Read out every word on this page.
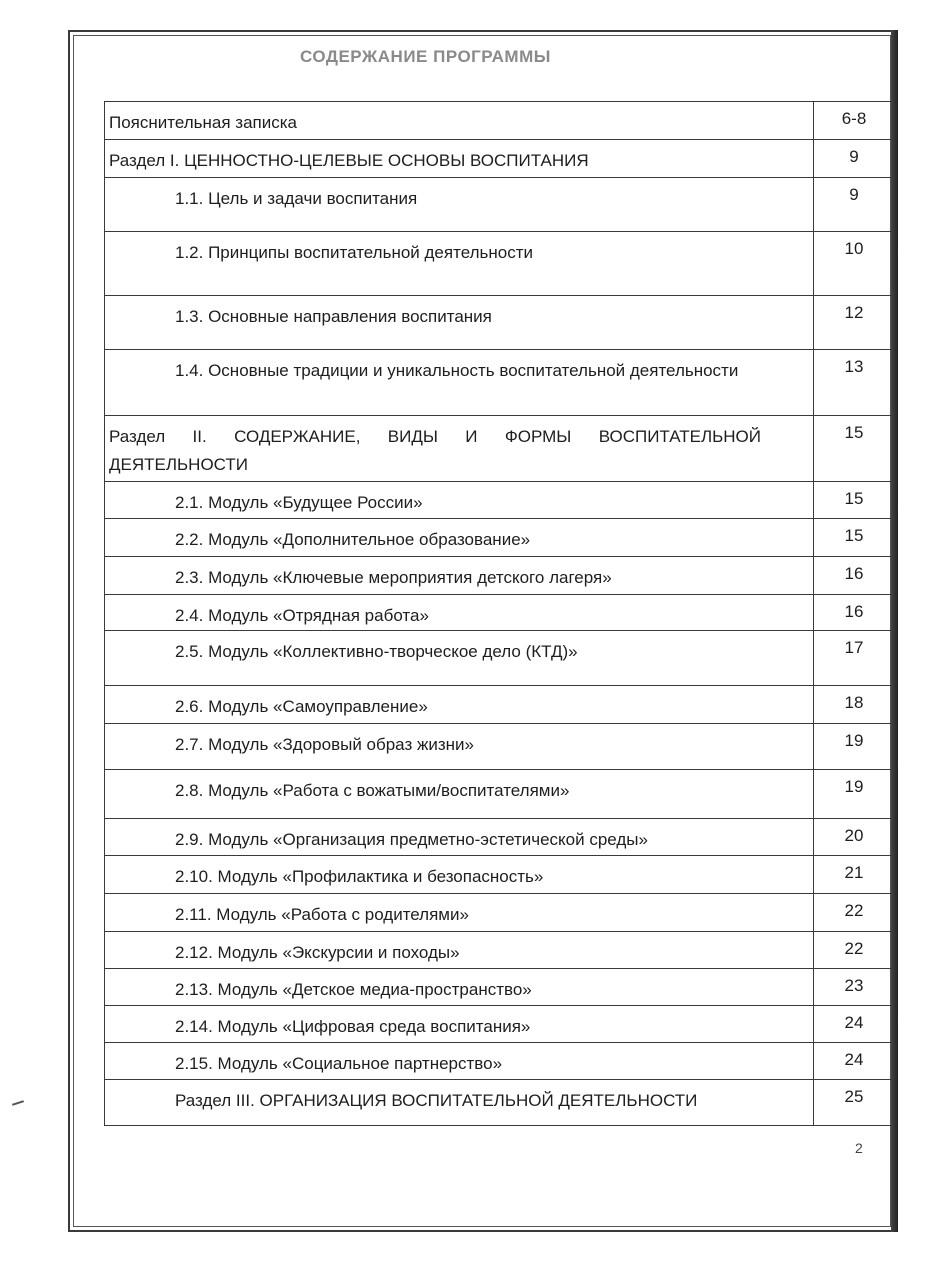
СОДЕРЖАНИЕ ПРОГРАММЫ
Пояснительная записка	6-8

Раздел I. ЦЕННОСТНО-ЦЕЛЕВЫЕ ОСНОВЫ ВОСПИТАНИЯ	9

1.1. Цель и задачи воспитания	9

1.2. Принципы воспитательной деятельности	10

1.3. Основные направления воспитания	12

1.4. Основные традиции и уникальность воспитательной деятельности	13

Раздел II. СОДЕРЖАНИЕ, ВИДЫ И ФОРМЫ ВОСПИТАТЕЛЬНОЙ ДЕЯТЕЛЬНОСТИ	15

2.1. Модуль «Будущее России»	15

2.2. Модуль «Дополнительное образование»	15

2.3. Модуль «Ключевые мероприятия детского лагеря»	16

2.4. Модуль «Отрядная работа»	16

2.5. Модуль «Коллективно-творческое дело (КТД)»	17

2.6. Модуль «Самоуправление»	18

2.7. Модуль «Здоровый образ жизни»	19

2.8. Модуль «Работа с вожатыми/воспитателями»	19

2.9. Модуль «Организация предметно-эстетической среды»	20

2.10. Модуль «Профилактика и безопасность»	21

2.11. Модуль «Работа с родителями»	22

2.12. Модуль «Экскурсии и походы»	22

2.13. Модуль «Детское медиа-пространство»	23

2.14. Модуль «Цифровая среда воспитания»	24

2.15. Модуль «Социальное партнерство»	24

Раздел III. ОРГАНИЗАЦИЯ ВОСПИТАТЕЛЬНОЙ ДЕЯТЕЛЬНОСТИ	25
2
